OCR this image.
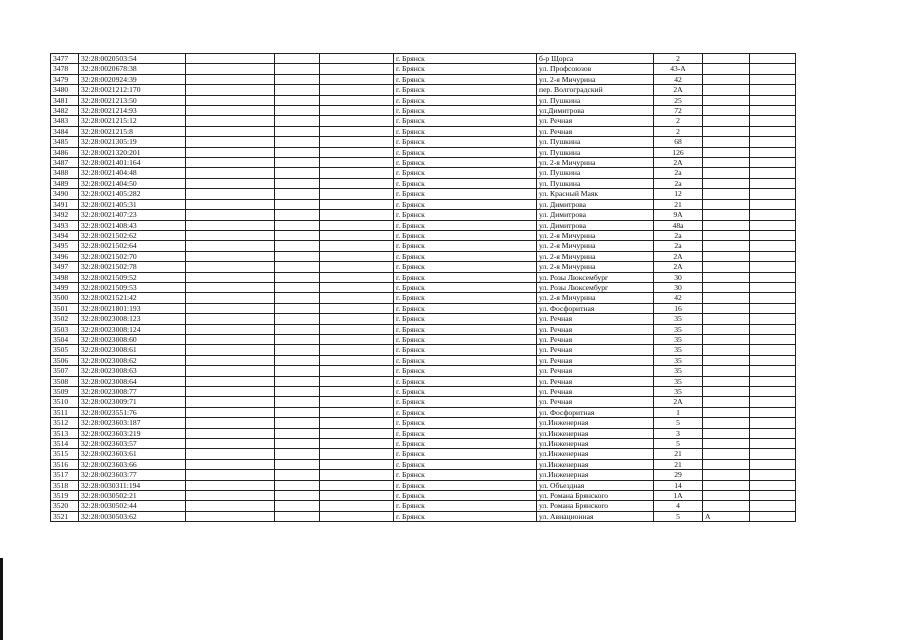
3477	32:28:0020503:54				г. Брянск	б-р Щорса	2		
3478	32:28:0020678:38				г. Брянск	ул. Профсоюзов	43-А		
3479	32:28:0020924:39				г. Брянск	ул. 2-я Мичурина	42		
3480	32:28:0021212:170				г. Брянск	пер. Волгоградский	2А		
3481	32:28:0021213:50				г. Брянск	ул. Пушкина	25		
3482	32:28:0021214:93				г. Брянск	ул.Димитрова	72		
3483	32:28:0021215:12				г. Брянск	ул. Речная	2		
3484	32:28:0021215:8				г. Брянск	ул. Речная	2		
3485	32:28:0021305:19				г. Брянск	ул. Пушкина	68		
3486	32:28:0021320:201				г. Брянск	ул. Пушкина	126		
3487	32:28:0021401:164				г. Брянск	ул. 2-я Мичурина	2А		
3488	32:28:0021404:48				г. Брянск	ул. Пушкина	2а		
3489	32:28:0021404:50				г. Брянск	ул. Пушкина	2а		
3490	32:28:0021405:282				г. Брянск	ул. Красный Маяк	12		
3491	32:28:0021405:31				г. Брянск	ул. Димитрова	21		
3492	32:28:0021407:23				г. Брянск	ул. Димитрова	9А		
3493	32:28:0021408:43				г. Брянск	ул. Димитрова	48а		
3494	32:28:0021502:62				г. Брянск	ул. 2-я Мичурина	2а		
3495	32:28:0021502:64				г. Брянск	ул. 2-я Мичурина	2а		
3496	32:28:0021502:70				г. Брянск	ул. 2-я Мичурина	2А		
3497	32:28:0021502:78				г. Брянск	ул. 2-я Мичурина	2А		
3498	32:28:0021509:52				г. Брянск	ул. Розы Люксембург	30		
3499	32:28:0021509:53				г. Брянск	ул. Розы Люксембург	30		
3500	32:28:0021521:42				г. Брянск	ул. 2-я Мичурина	42		
3501	32:28:0021801:193				г. Брянск	ул. Фосфоритная	16		
3502	32:28:0023008:123				г. Брянск	ул. Речная	35		
3503	32:28:0023008:124				г. Брянск	ул. Речная	35		
3504	32:28:0023008:60				г. Брянск	ул. Речная	35		
3505	32:28:0023008:61				г. Брянск	ул. Речная	35		
3506	32:28:0023008:62				г. Брянск	ул. Речная	35		
3507	32:28:0023008:63				г. Брянск	ул. Речная	35		
3508	32:28:0023008:64				г. Брянск	ул. Речная	35		
3509	32:28:0023008:77				г. Брянск	ул. Речная	35		
3510	32:28:0023009:71				г. Брянск	ул. Речная	2А		
3511	32:28:0023551:76				г. Брянск	ул. Фосфоритная	1		
3512	32:28:0023603:187				г. Брянск	ул.Инженерная	5		
3513	32:28:0023603:219				г. Брянск	ул.Инженерная	3		
3514	32:28:0023603:57				г. Брянск	ул.Инженерная	5		
3515	32:28:0023603:61				г. Брянск	ул.Инженерная	21		
3516	32:28:0023603:66				г. Брянск	ул.Инженерная	21		
3517	32:28:0023603:77				г. Брянск	ул.Инженерная	29		
3518	32:28:0030311:194				г. Брянск	ул. Объездная	14		
3519	32:28:0030502:21				г. Брянск	ул. Романа Брянского	1А		
3520	32:28:0030502:44				г. Брянск	ул. Романа Брянского	4		
3521	32:28:0030503:62				г. Брянск	ул. Авиационная	5	А	
